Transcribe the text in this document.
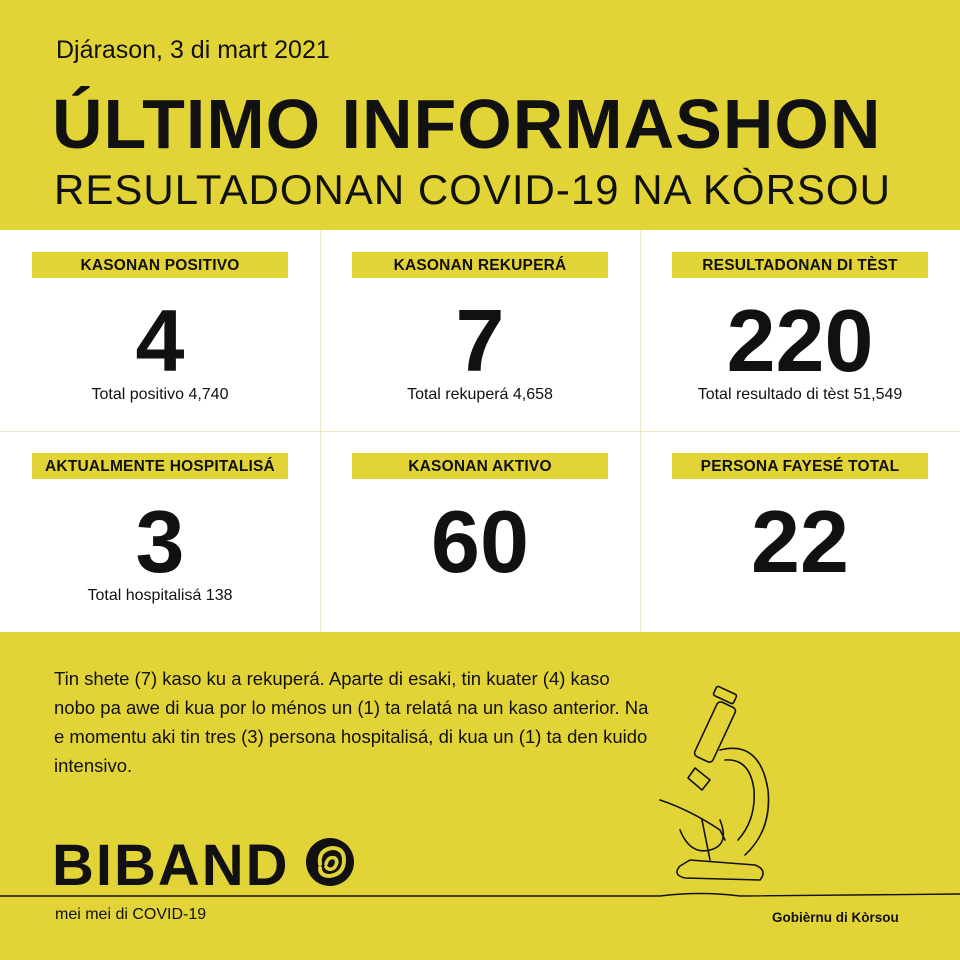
Djárason, 3 di mart 2021
ÚLTIMO INFORMASHON
RESULTADONAN COVID-19 NA KÒRSOU
KASONAN POSITIVO
4
Total positivo 4,740
KASONAN REKUPERÁ
7
Total rekuperá 4,658
RESULTADONAN DI TÈST
220
Total resultado di tèst 51,549
AKTUALMENTE HOSPITALISÁ
3
Total hospitalisá 138
KASONAN AKTIVO
60
PERSONA FAYESÉ TOTAL
22
Tin shete (7) kaso ku a rekuperá. Aparte di esaki, tin kuater (4) kaso nobo pa awe di kua por lo ménos un (1) ta relatá na un kaso anterior. Na e momentu aki tin tres (3) persona hospitalisá, di kua un (1) ta den kuido intensivo.
BIBAND
mei mei di COVID-19	Gobièrnu di Kòrsou
